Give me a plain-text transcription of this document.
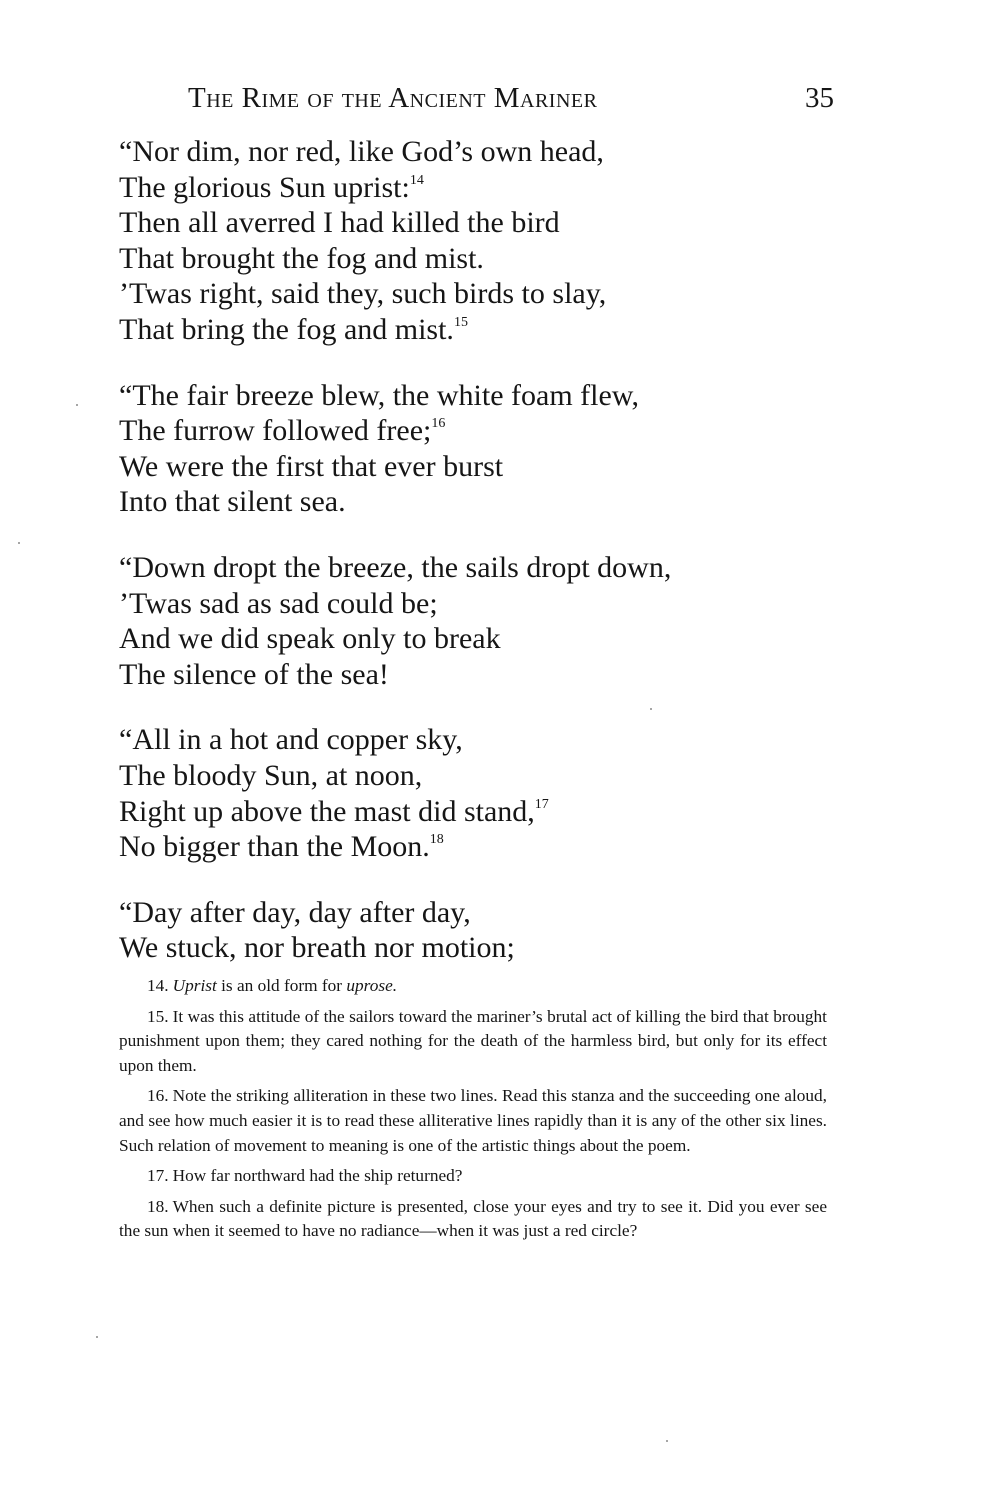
The Rime of the Ancient Mariner	35
“Nor dim, nor red, like God’s own head,
The glorious Sun uprist:$^{14}$
Then all averred I had killed the bird
That brought the fog and mist.
’Twas right, said they, such birds to slay,
That bring the fog and mist.$^{15}$
“The fair breeze blew, the white foam flew,
The furrow followed free;$^{16}$
We were the first that ever burst
Into that silent sea.
“Down dropt the breeze, the sails dropt down,
’Twas sad as sad could be;
And we did speak only to break
The silence of the sea!
“All in a hot and copper sky,
The bloody Sun, at noon,
Right up above the mast did stand,$^{17}$
No bigger than the Moon.$^{18}$
“Day after day, day after day,
We stuck, nor breath nor motion;

14. Uprist is an old form for uprose.

15. It was this attitude of the sailors toward the mariner’s brutal act of killing the bird that brought punishment upon them; they cared nothing for the death of the harmless bird, but only for its effect upon them.

16. Note the striking alliteration in these two lines. Read this stanza and the succeeding one aloud, and see how much easier it is to read these alliterative lines rapidly than it is any of the other six lines. Such relation of movement to meaning is one of the artistic things about the poem.

17. How far northward had the ship returned?

18. When such a definite picture is presented, close your eyes and try to see it. Did you ever see the sun when it seemed to have no radiance—when it was just a red circle?
